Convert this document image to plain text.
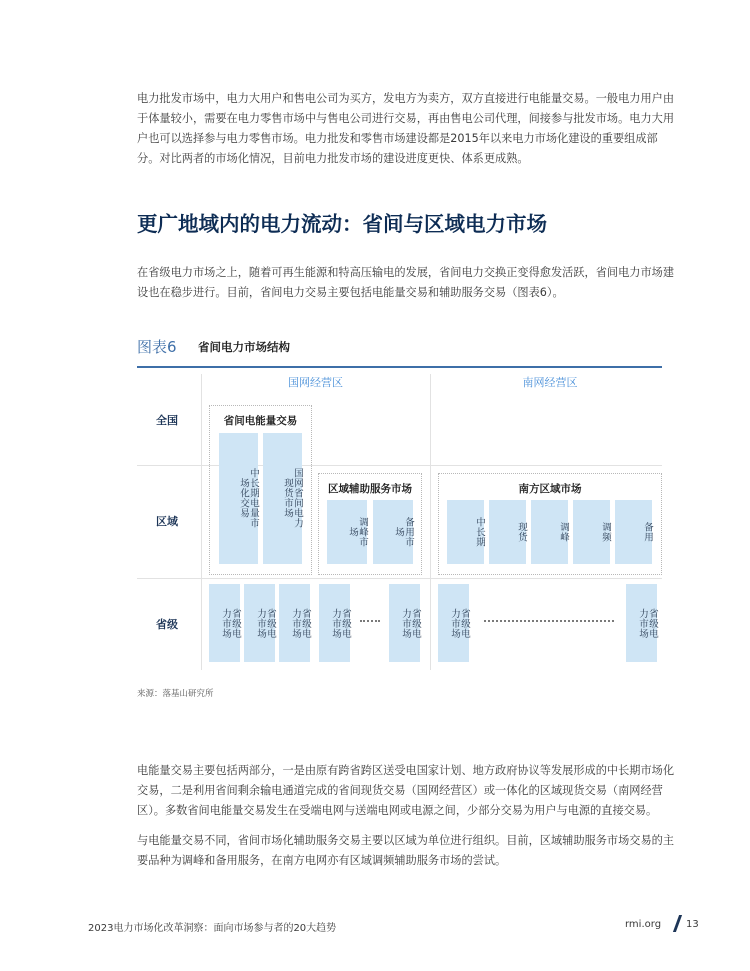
电力批发市场中，电力大用户和售电公司为买方，发电方为卖方，双方直接进行电能量交易。一般电力用户由于体量较小，需要在电力零售市场中与售电公司进行交易，再由售电公司代理，间接参与批发市场。电力大用户也可以选择参与电力零售市场。电力批发和零售市场建设都是2015年以来电力市场化建设的重要组成部分。对比两者的市场化情况，目前电力批发市场的建设进度更快、体系更成熟。

更广地域内的电力流动：省间与区域电力市场

在省级电力市场之上，随着可再生能源和特高压输电的发展，省间电力交换正变得愈发活跃，省间电力市场建设也在稳步进行。目前，省间电力交易主要包括电能量交易和辅助服务交易（图表6）。

图表6 省间电力市场结构
国网经营区	南网经营区
全国
区域
省级
省间电能量交易
中长期电量市场化交易	国网省间电力现货市场	区域辅助服务市场
调峰市场	备用市场
南方区域市场
中长期	现货	调峰	调频	备用
省级电力市场	省级电力市场	省级电力市场	省级电力市场	省级电力市场	省级电力市场	省级电力市场
来源：落基山研究所

电能量交易主要包括两部分，一是由原有跨省跨区送受电国家计划、地方政府协议等发展形成的中长期市场化交易，二是利用省间剩余输电通道完成的省间现货交易（国网经营区）或一体化的区域现货交易（南网经营区）。多数省间电能量交易发生在受端电网与送端电网或电源之间，少部分交易为用户与电源的直接交易。

与电能量交易不同，省间市场化辅助服务交易主要以区域为单位进行组织。目前，区域辅助服务市场交易的主要品种为调峰和备用服务，在南方电网亦有区域调频辅助服务市场的尝试。

2023电力市场化改革洞察：面向市场参与者的20大趋势	rmi.org 13
